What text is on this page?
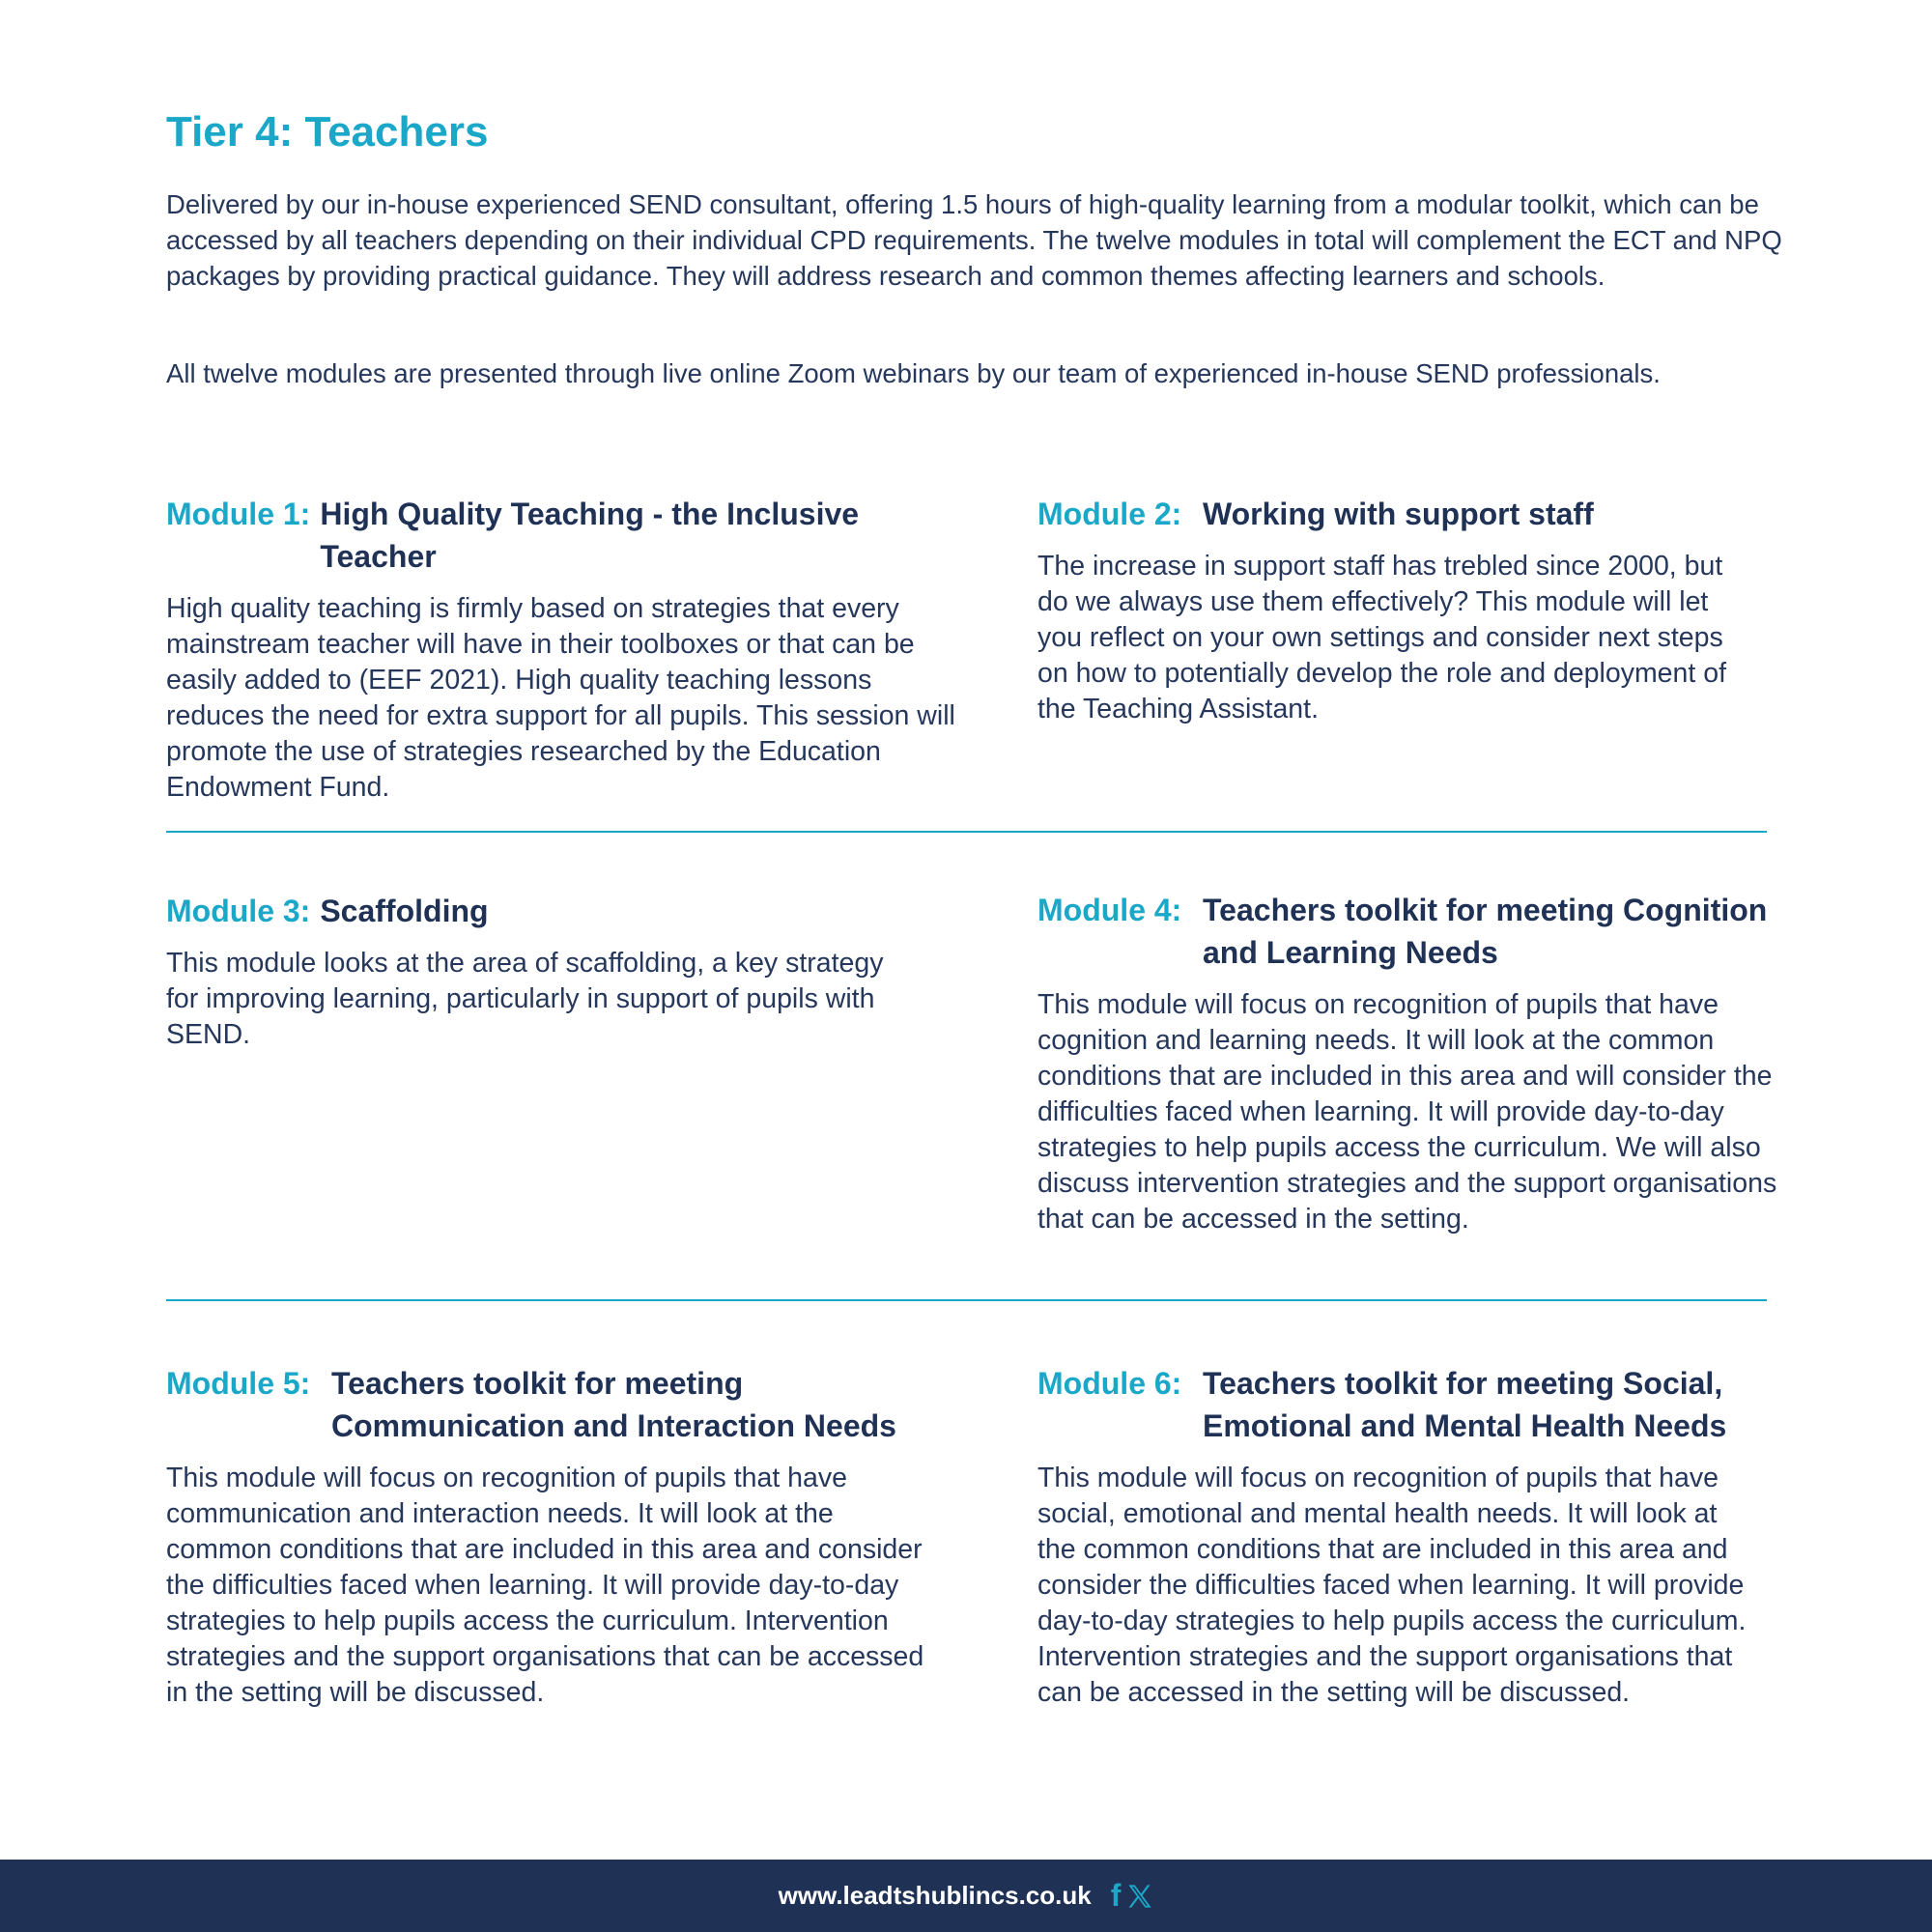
Tier 4: Teachers

Delivered by our in-house experienced SEND consultant, offering 1.5 hours of high-quality learning from a modular toolkit, which can be accessed by all teachers depending on their individual CPD requirements. The twelve modules in total will complement the ECT and NPQ packages by providing practical guidance. They will address research and common themes affecting learners and schools.

All twelve modules are presented through live online Zoom webinars by our team of experienced in-house SEND professionals.

Module 1: High Quality Teaching - the Inclusive Teacher
High quality teaching is firmly based on strategies that every mainstream teacher will have in their toolboxes or that can be easily added to (EEF 2021). High quality teaching lessons reduces the need for extra support for all pupils. This session will promote the use of strategies researched by the Education Endowment Fund.
Module 2: Working with support staff
The increase in support staff has trebled since 2000, but do we always use them effectively? This module will let you reflect on your own settings and consider next steps on how to potentially develop the role and deployment of the Teaching Assistant.
Module 3: Scaffolding
This module looks at the area of scaffolding, a key strategy for improving learning, particularly in support of pupils with SEND.
Module 4: Teachers toolkit for meeting Cognition and Learning Needs
This module will focus on recognition of pupils that have cognition and learning needs. It will look at the common conditions that are included in this area and will consider the difficulties faced when learning. It will provide day-to-day strategies to help pupils access the curriculum. We will also discuss intervention strategies and the support organisations that can be accessed in the setting.
Module 5: Teachers toolkit for meeting Communication and Interaction Needs
This module will focus on recognition of pupils that have communication and interaction needs. It will look at the common conditions that are included in this area and consider the difficulties faced when learning. It will provide day-to-day strategies to help pupils access the curriculum. Intervention strategies and the support organisations that can be accessed in the setting will be discussed.
Module 6: Teachers toolkit for meeting Social, Emotional and Mental Health Needs
This module will focus on recognition of pupils that have social, emotional and mental health needs. It will look at the common conditions that are included in this area and consider the difficulties faced when learning. It will provide day-to-day strategies to help pupils access the curriculum. Intervention strategies and the support organisations that can be accessed in the setting will be discussed.
www.leadtshublincs.co.uk f
